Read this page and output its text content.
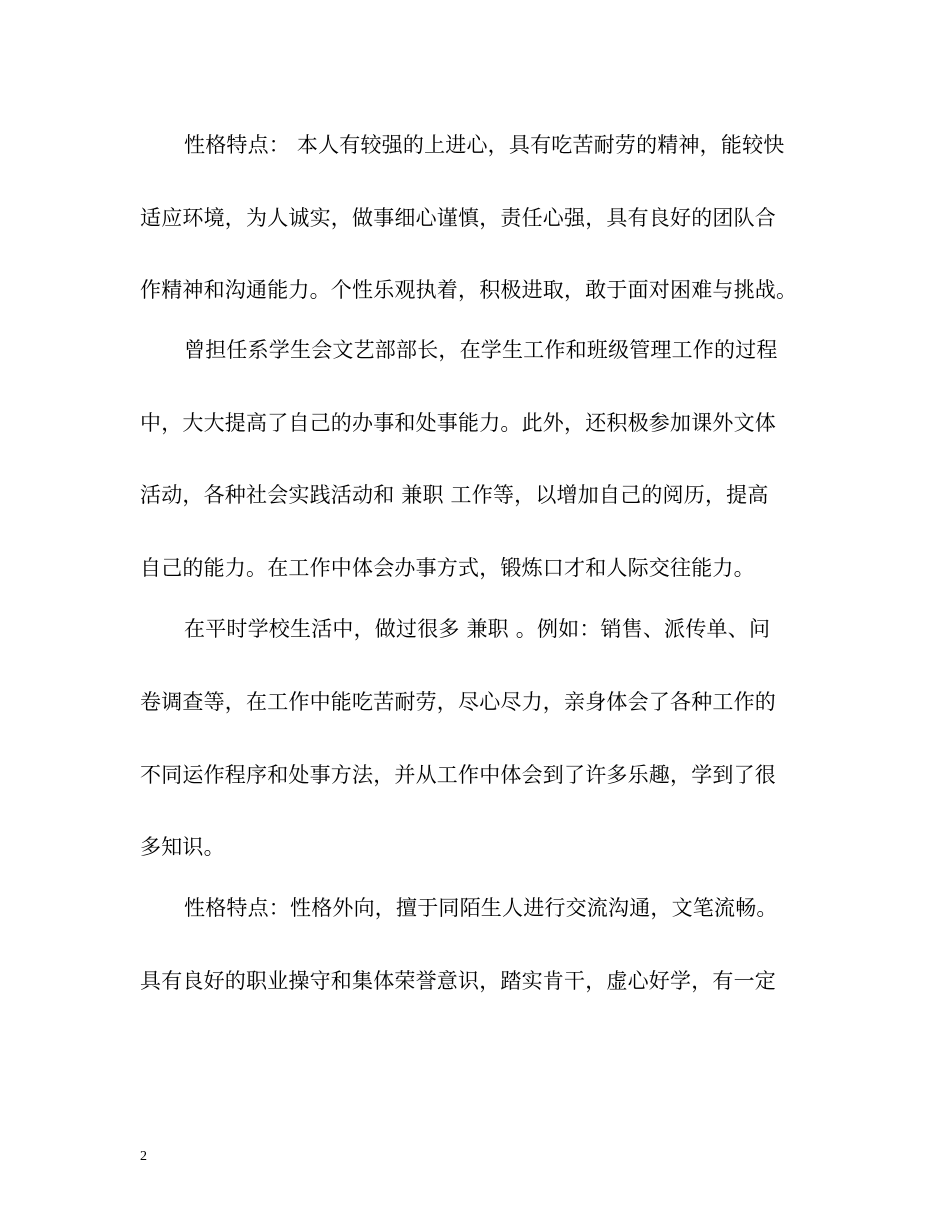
性格特点： 本人有较强的上进心，具有吃苦耐劳的精神，能较快
适应环境，为人诚实，做事细心谨慎，责任心强，具有良好的团队合
作精神和沟通能力。个性乐观执着，积极进取，敢于面对困难与挑战。
曾担任系学生会文艺部部长，在学生工作和班级管理工作的过程
中，大大提高了自己的办事和处事能力。此外，还积极参加课外文体
活动，各种社会实践活动和 兼职 工作等，以增加自己的阅历，提高
自己的能力。在工作中体会办事方式，锻炼口才和人际交往能力。
在平时学校生活中，做过很多 兼职 。例如：销售、派传单、问
卷调查等，在工作中能吃苦耐劳，尽心尽力，亲身体会了各种工作的
不同运作程序和处事方法，并从工作中体会到了许多乐趣，学到了很
多知识。
性格特点：性格外向，擅于同陌生人进行交流沟通，文笔流畅。
具有良好的职业操守和集体荣誉意识，踏实肯干，虚心好学，有一定
2
